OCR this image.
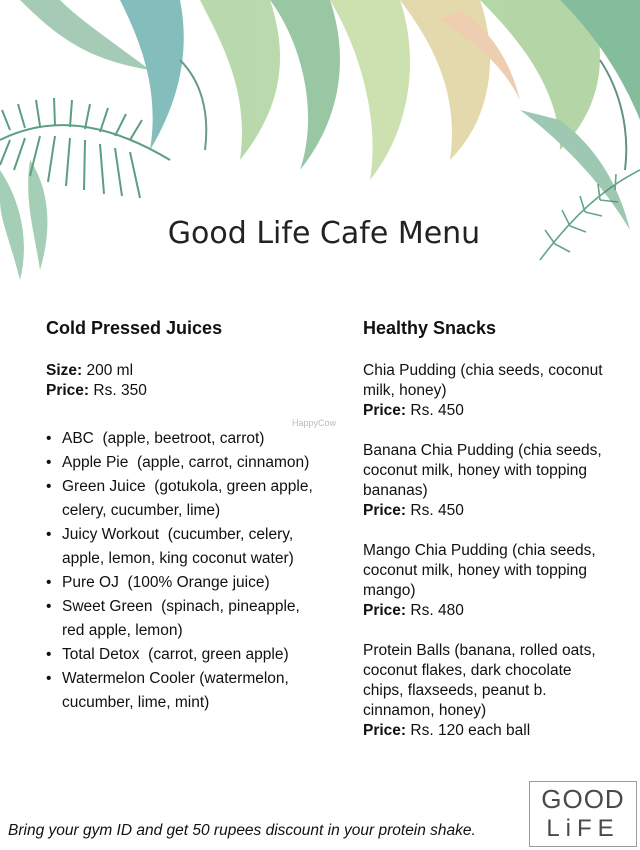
Good Life Cafe Menu
HappyCow
Cold Pressed Juices
Size: 200 ml
Price: Rs. 350
• ABC (apple, beetroot, carrot)
• Apple Pie (apple, carrot, cinnamon)
• Green Juice (gotukola, green apple, celery, cucumber, lime)
• Juicy Workout (cucumber, celery, apple, lemon, king coconut water)
• Pure OJ (100% Orange juice)
• Sweet Green (spinach, pineapple, red apple, lemon)
• Total Detox (carrot, green apple)
• Watermelon Cooler (watermelon, cucumber, lime, mint)
Healthy Snacks
Chia Pudding (chia seeds, coconut milk, honey)
Price: Rs. 450
Banana Chia Pudding (chia seeds, coconut milk, honey with topping bananas)
Price: Rs. 450
Mango Chia Pudding (chia seeds, coconut milk, honey with topping mango)
Price: Rs. 480
Protein Balls (banana, rolled oats, coconut flakes, dark chocolate chips, flaxseeds, peanut b. cinnamon, honey)
Price: Rs. 120 each ball
Bring your gym ID and get 50 rupees discount in your protein shake.
GOOD
LiFE
